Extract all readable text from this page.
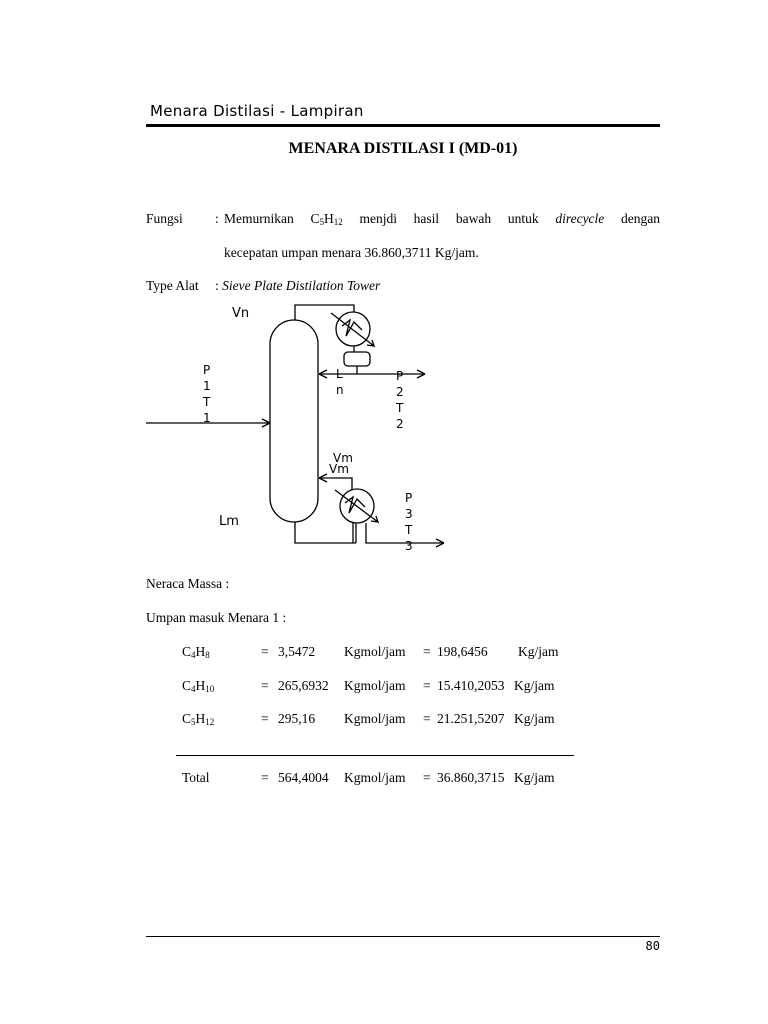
Menara Distilasi - Lampiran
MENARA DISTILASI I (MD-01)
Fungsi : Memurnikan C5H12 menjdi hasil bawah untuk direcycle dengan
kecepatan umpan menara 36.860,3711 Kg/jam.
Type Alat : Sieve Plate Distilation Tower
Vn
P
1
T
1
L
n
P
2
T
2
Vm
Vm
P
3
T
3
Lm
Neraca Massa :
Umpan masuk Menara 1 :
C4H8	= 3,5472 Kgmol/jam = 198,6456 Kg/jam
C4H10	= 265,6932 Kgmol/jam = 15.410,2053 Kg/jam
C5H12	= 295,16 Kgmol/jam = 21.251,5207 Kg/jam
Total	= 564,4004 Kgmol/jam = 36.860,3715 Kg/jam
80
